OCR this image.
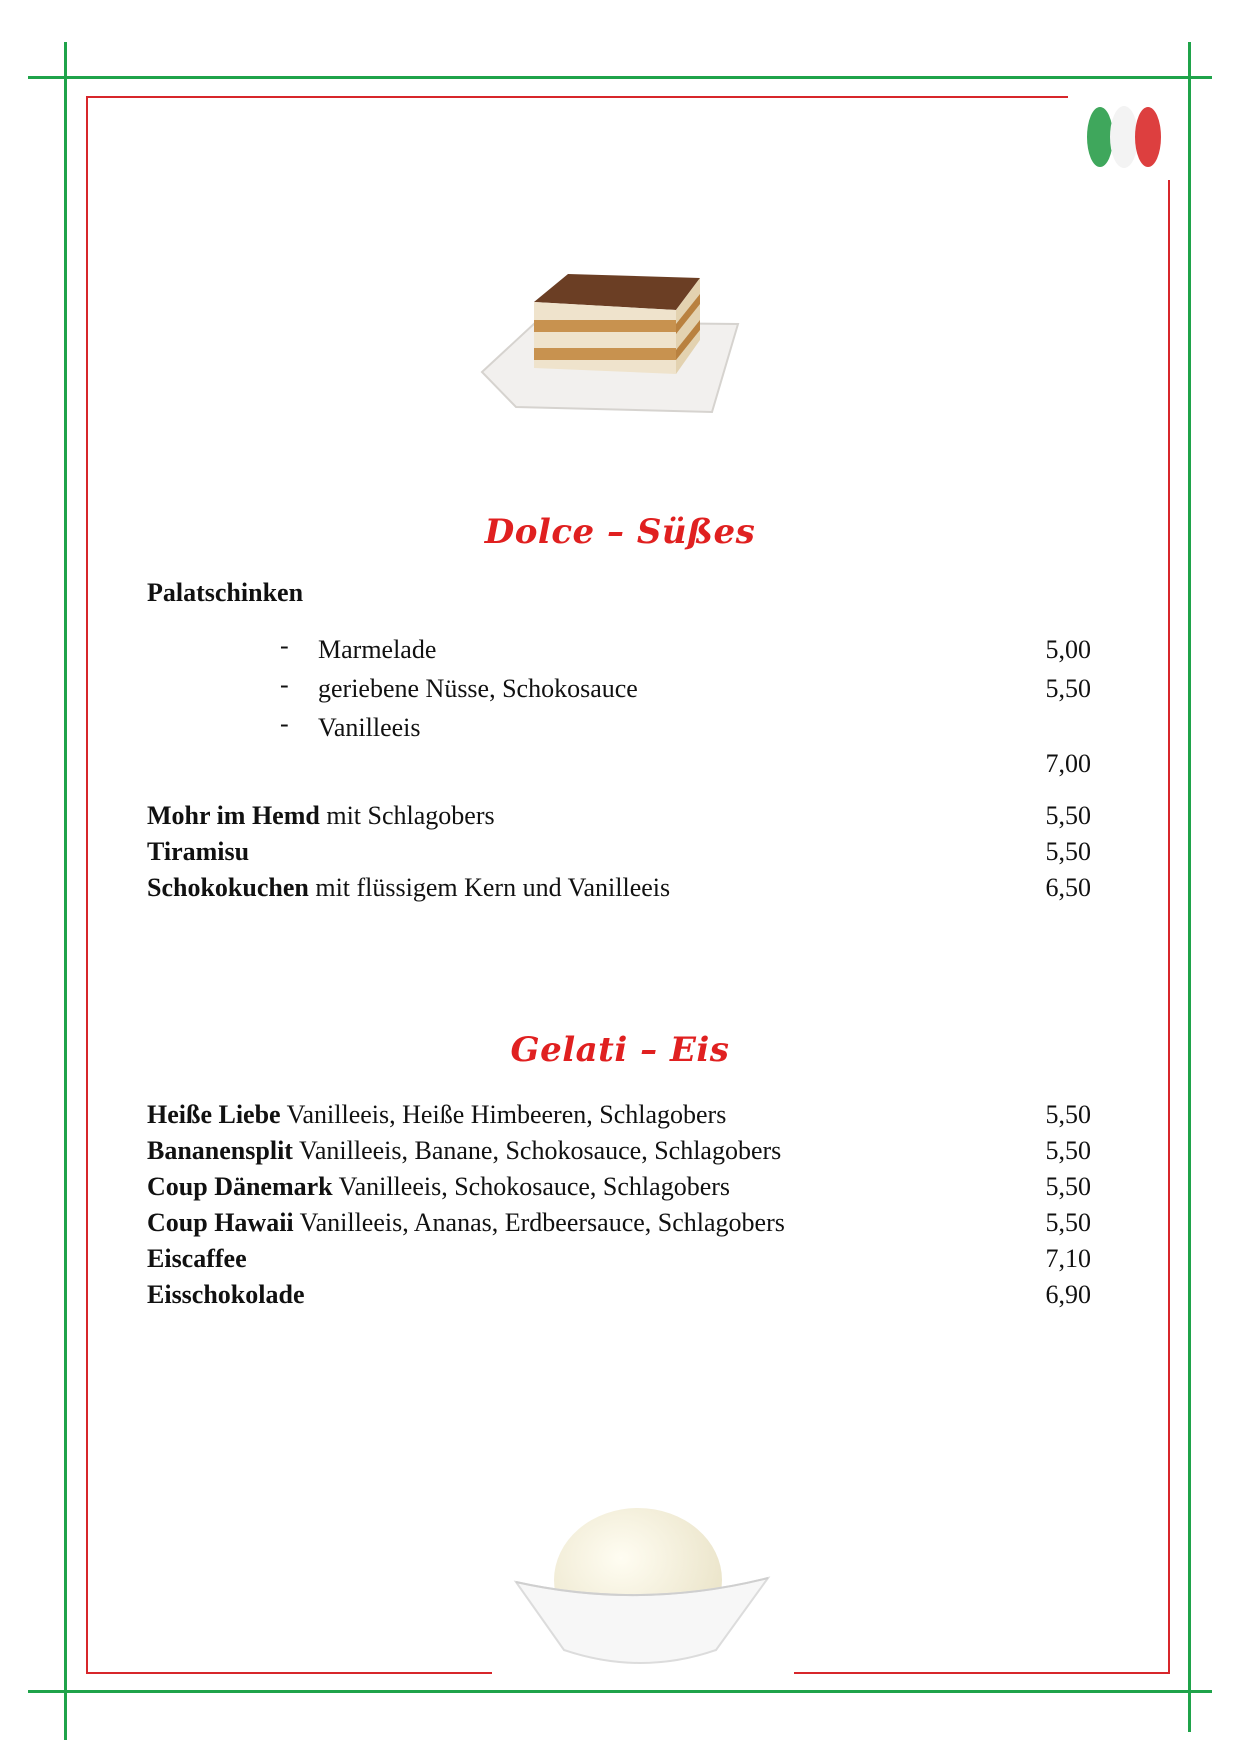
Dolce – Süßes
Palatschinken
- Marmelade	5,00
- geriebene Nüsse, Schokosauce	5,50
- Vanilleeis
7,00
Mohr im Hemd mit Schlagobers	5,50
Tiramisu	5,50
Schokokuchen mit flüssigem Kern und Vanilleeis	6,50
Gelati – Eis
Heiße Liebe Vanilleeis, Heiße Himbeeren, Schlagobers	5,50
Bananensplit Vanilleeis, Banane, Schokosauce, Schlagobers	5,50
Coup Dänemark Vanilleeis, Schokosauce, Schlagobers	5,50
Coup Hawaii Vanilleeis, Ananas, Erdbeersauce, Schlagobers	5,50
Eiscaffee	7,10
Eisschokolade	6,90
